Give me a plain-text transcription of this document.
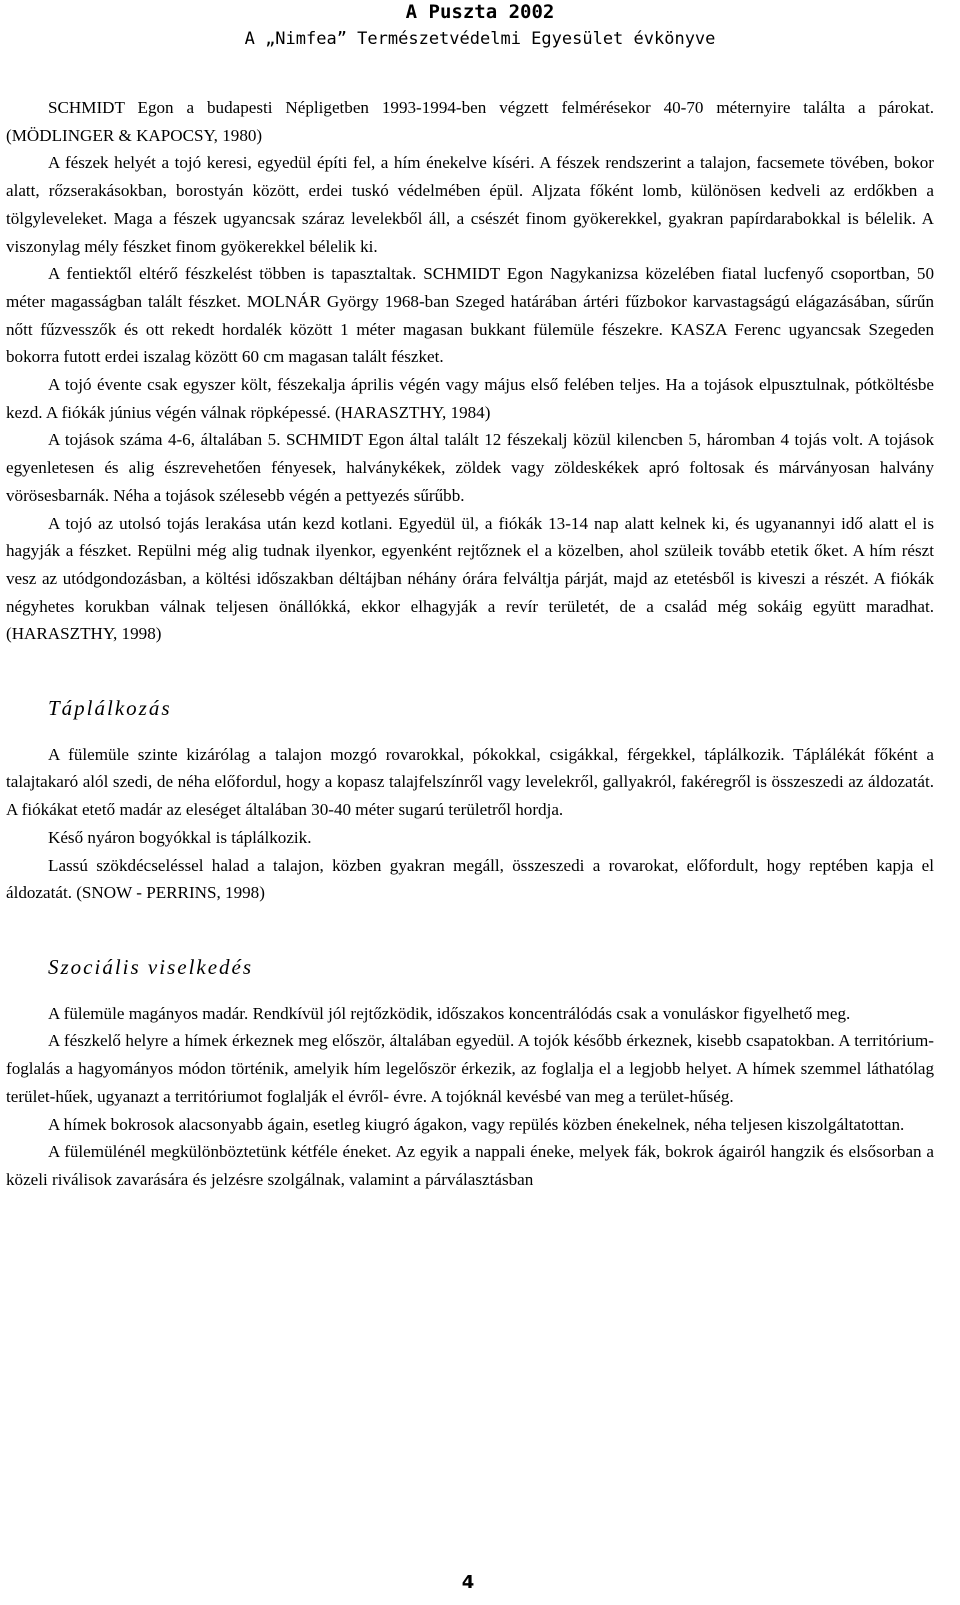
A Puszta 2002
A „Nimfea” Természetvédelmi Egyesület évkönyve

SCHMIDT Egon a budapesti Népligetben 1993-1994-ben végzett felmérésekor 40-70 méternyire találta a párokat. (MÖDLINGER & KAPOCSY, 1980)

A fészek helyét a tojó keresi, egyedül építi fel, a hím énekelve kíséri. A fészek rendszerint a talajon, facsemete tövében, bokor alatt, rőzserakásokban, borostyán között, erdei tuskó védelmében épül. Aljzata főként lomb, különösen kedveli az erdőkben a tölgyleveleket. Maga a fészek ugyancsak száraz levelekből áll, a csészét finom gyökerekkel, gyakran papírdarabokkal is bélelik. A viszonylag mély fészket finom gyökerekkel bélelik ki.

A fentiektől eltérő fészkelést többen is tapasztaltak. SCHMIDT Egon Nagykanizsa közelében fiatal lucfenyő csoportban, 50 méter magasságban talált fészket. MOLNÁR György 1968-ban Szeged határában ártéri fűzbokor karvastagságú elágazásában, sűrűn nőtt fűzvesszők és ott rekedt hordalék között 1 méter magasan bukkant fülemüle fészekre. KASZA Ferenc ugyancsak Szegeden bokorra futott erdei iszalag között 60 cm magasan talált fészket.

A tojó évente csak egyszer költ, fészekalja április végén vagy május első felében teljes. Ha a tojások elpusztulnak, pótköltésbe kezd. A fiókák június végén válnak röpképessé. (HARASZTHY, 1984)

A tojások száma 4-6, általában 5. SCHMIDT Egon által talált 12 fészekalj közül kilencben 5, háromban 4 tojás volt. A tojások egyenletesen és alig észrevehetően fényesek, halványkékek, zöldek vagy zöldeskékek apró foltosak és márványosan halvány vörösesbarnák. Néha a tojások szélesebb végén a pettyezés sűrűbb.

A tojó az utolsó tojás lerakása után kezd kotlani. Egyedül ül, a fiókák 13-14 nap alatt kelnek ki, és ugyanannyi idő alatt el is hagyják a fészket. Repülni még alig tudnak ilyenkor, egyenként rejtőznek el a közelben, ahol szüleik tovább etetik őket. A hím részt vesz az utódgondozásban, a költési időszakban déltájban néhány órára felváltja párját, majd az etetésből is kiveszi a részét. A fiókák négyhetes korukban válnak teljesen önállókká, ekkor elhagyják a revír területét, de a család még sokáig együtt maradhat. (HARASZTHY, 1998)

Táplálkozás

A fülemüle szinte kizárólag a talajon mozgó rovarokkal, pókokkal, csigákkal, férgekkel, táplálkozik. Táplálékát főként a talajtakaró alól szedi, de néha előfordul, hogy a kopasz talajfelszínről vagy levelekről, gallyakról, fakéregről is összeszedi az áldozatát. A fiókákat etető madár az eleséget általában 30-40 méter sugarú területről hordja.

Késő nyáron bogyókkal is táplálkozik.

Lassú szökdécseléssel halad a talajon, közben gyakran megáll, összeszedi a rovarokat, előfordult, hogy reptében kapja el áldozatát. (SNOW - PERRINS, 1998)

Szociális viselkedés

A fülemüle magányos madár. Rendkívül jól rejtőzködik, időszakos koncentrálódás csak a vonuláskor figyelhető meg.

A fészkelő helyre a hímek érkeznek meg először, általában egyedül. A tojók később érkeznek, kisebb csapatokban. A territórium-foglalás a hagyományos módon történik, amelyik hím legelőször érkezik, az foglalja el a legjobb helyet. A hímek szemmel láthatólag terület-hűek, ugyanazt a territóriumot foglalják el évről- évre. A tojóknál kevésbé van meg a terület-hűség.

A hímek bokrosok alacsonyabb ágain, esetleg kiugró ágakon, vagy repülés közben énekelnek, néha teljesen kiszolgáltatottan.

A fülemülénél megkülönböztetünk kétféle éneket. Az egyik a nappali éneke, melyek fák, bokrok ágairól hangzik és elsősorban a közeli riválisok zavarására és jelzésre szolgálnak, valamint a párválasztásban

4
